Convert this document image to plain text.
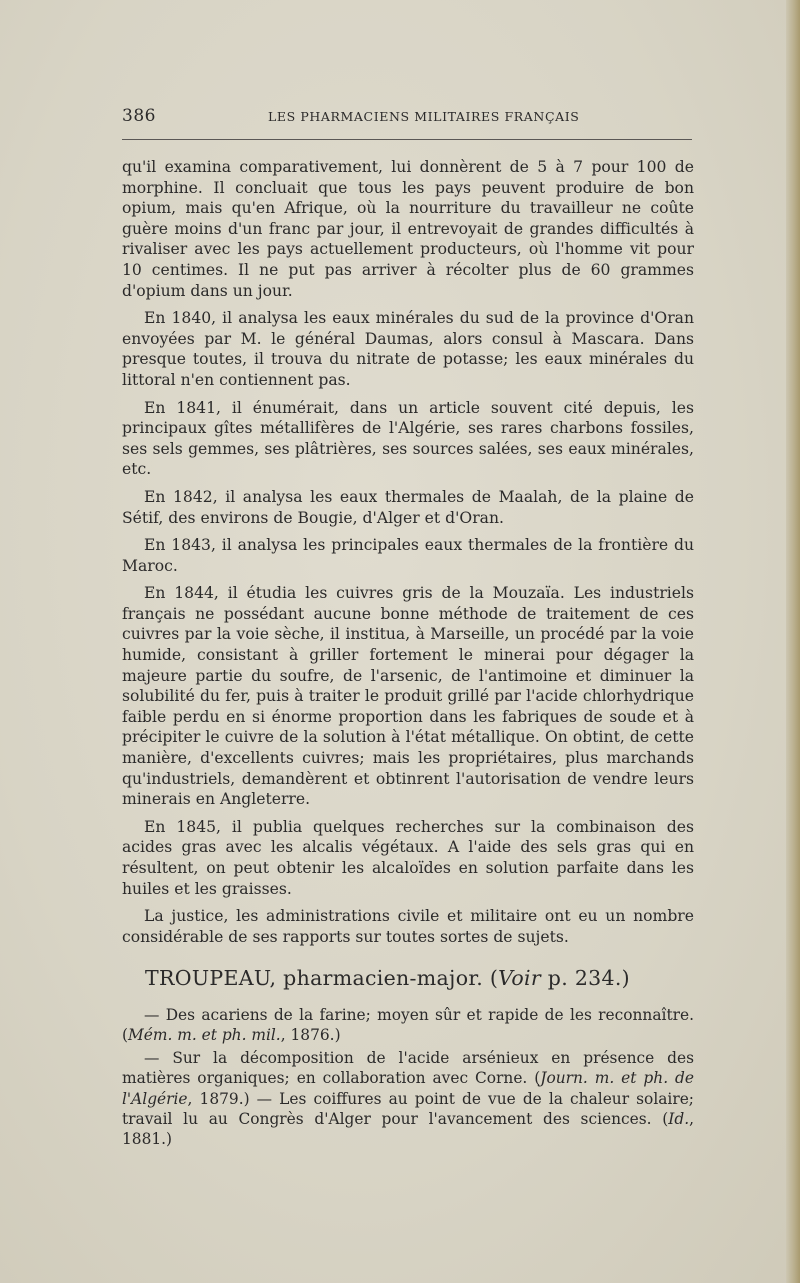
386	LES PHARMACIENS MILITAIRES FRANÇAIS

qu'il examina comparativement, lui donnèrent de 5 à 7 pour 100 de morphine. Il concluait que tous les pays peuvent produire de bon opium, mais qu'en Afrique, où la nourriture du travailleur ne coûte guère moins d'un franc par jour, il entrevoyait de grandes difficultés à rivaliser avec les pays actuellement producteurs, où l'homme vit pour 10 centimes. Il ne put pas arriver à récolter plus de 60 grammes d'opium dans un jour.

En 1840, il analysa les eaux minérales du sud de la province d'Oran envoyées par M. le général Daumas, alors consul à Mascara. Dans presque toutes, il trouva du nitrate de potasse; les eaux minérales du littoral n'en contiennent pas.

En 1841, il énumérait, dans un article souvent cité depuis, les principaux gîtes métallifères de l'Algérie, ses rares charbons fossiles, ses sels gemmes, ses plâtrières, ses sources salées, ses eaux minérales, etc.

En 1842, il analysa les eaux thermales de Maalah, de la plaine de Sétif, des environs de Bougie, d'Alger et d'Oran.

En 1843, il analysa les principales eaux thermales de la frontière du Maroc.

En 1844, il étudia les cuivres gris de la Mouzaïa. Les industriels français ne possédant aucune bonne méthode de traitement de ces cuivres par la voie sèche, il institua, à Marseille, un procédé par la voie humide, consistant à griller fortement le minerai pour dégager la majeure partie du soufre, de l'arsenic, de l'antimoine et diminuer la solubilité du fer, puis à traiter le produit grillé par l'acide chlorhydrique faible perdu en si énorme proportion dans les fabriques de soude et à précipiter le cuivre de la solution à l'état métallique. On obtint, de cette manière, d'excellents cuivres; mais les propriétaires, plus marchands qu'industriels, demandèrent et obtinrent l'autorisation de vendre leurs minerais en Angleterre.

En 1845, il publia quelques recherches sur la combinaison des acides gras avec les alcalis végétaux. A l'aide des sels gras qui en résultent, on peut obtenir les alcaloïdes en solution parfaite dans les huiles et les graisses.

La justice, les administrations civile et militaire ont eu un nombre considérable de ses rapports sur toutes sortes de sujets.

TROUPEAU, pharmacien-major. (Voir p. 234.)

— Des acariens de la farine; moyen sûr et rapide de les reconnaître. (Mém. m. et ph. mil., 1876.)

— Sur la décomposition de l'acide arsénieux en présence des matières organiques; en collaboration avec Corne. (Journ. m. et ph. de l'Algérie, 1879.) — Les coiffures au point de vue de la chaleur solaire; travail lu au Congrès d'Alger pour l'avancement des sciences. (Id., 1881.)
